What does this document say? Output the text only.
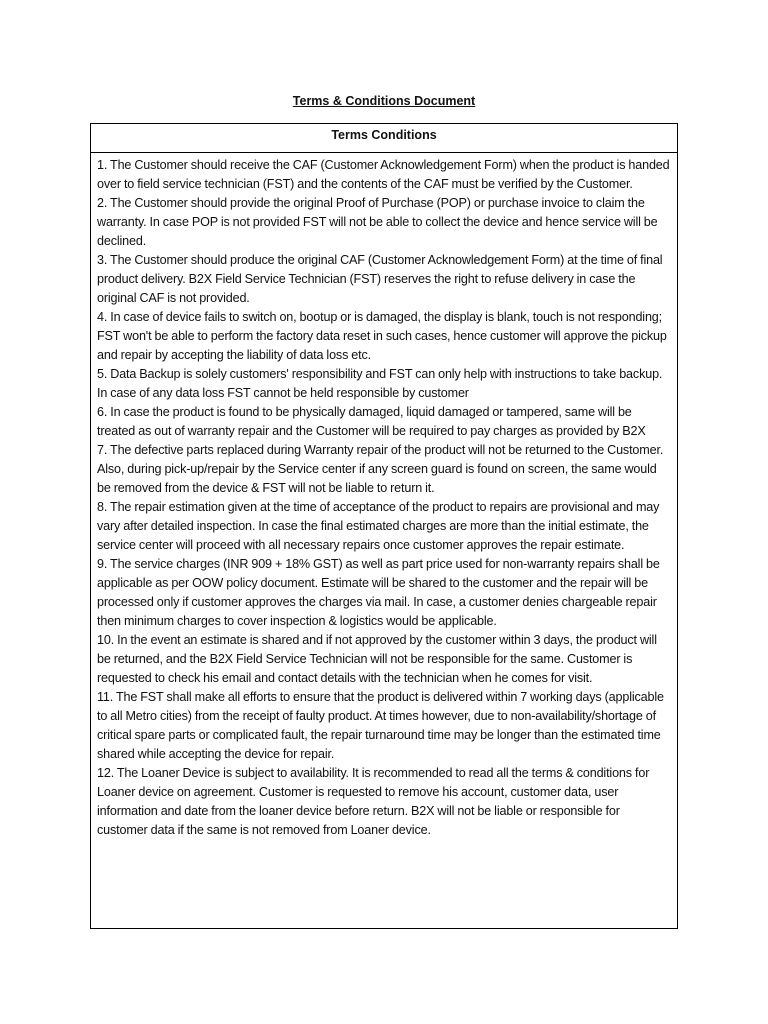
Terms & Conditions Document
Terms Conditions

1. The Customer should receive the CAF (Customer Acknowledgement Form) when the product is handed over to field service technician (FST) and the contents of the CAF must be verified by the Customer.

2. The Customer should provide the original Proof of Purchase (POP) or purchase invoice to claim the warranty. In case POP is not provided FST will not be able to collect the device and hence service will be declined.

3. The Customer should produce the original CAF (Customer Acknowledgement Form) at the time of final product delivery. B2X Field Service Technician (FST) reserves the right to refuse delivery in case the original CAF is not provided.

4. In case of device fails to switch on, bootup or is damaged, the display is blank, touch is not responding; FST won't be able to perform the factory data reset in such cases, hence customer will approve the pickup and repair by accepting the liability of data loss etc.

5. Data Backup is solely customers' responsibility and FST can only help with instructions to take backup. In case of any data loss FST cannot be held responsible by customer

6. In case the product is found to be physically damaged, liquid damaged or tampered, same will be treated as out of warranty repair and the Customer will be required to pay charges as provided by B2X

7. The defective parts replaced during Warranty repair of the product will not be returned to the Customer. Also, during pick-up/repair by the Service center if any screen guard is found on screen, the same would be removed from the device & FST will not be liable to return it.

8. The repair estimation given at the time of acceptance of the product to repairs are provisional and may vary after detailed inspection. In case the final estimated charges are more than the initial estimate, the service center will proceed with all necessary repairs once customer approves the repair estimate.

9. The service charges (INR 909 + 18% GST) as well as part price used for non-warranty repairs shall be applicable as per OOW policy document. Estimate will be shared to the customer and the repair will be processed only if customer approves the charges via mail. In case, a customer denies chargeable repair then minimum charges to cover inspection & logistics would be applicable.

10. In the event an estimate is shared and if not approved by the customer within 3 days, the product will be returned, and the B2X Field Service Technician will not be responsible for the same. Customer is requested to check his email and contact details with the technician when he comes for visit.

11. The FST shall make all efforts to ensure that the product is delivered within 7 working days (applicable to all Metro cities) from the receipt of faulty product. At times however, due to non-availability/shortage of critical spare parts or complicated fault, the repair turnaround time may be longer than the estimated time shared while accepting the device for repair.

12. The Loaner Device is subject to availability. It is recommended to read all the terms & conditions for Loaner device on agreement. Customer is requested to remove his account, customer data, user information and date from the loaner device before return. B2X will not be liable or responsible for customer data if the same is not removed from Loaner device.
